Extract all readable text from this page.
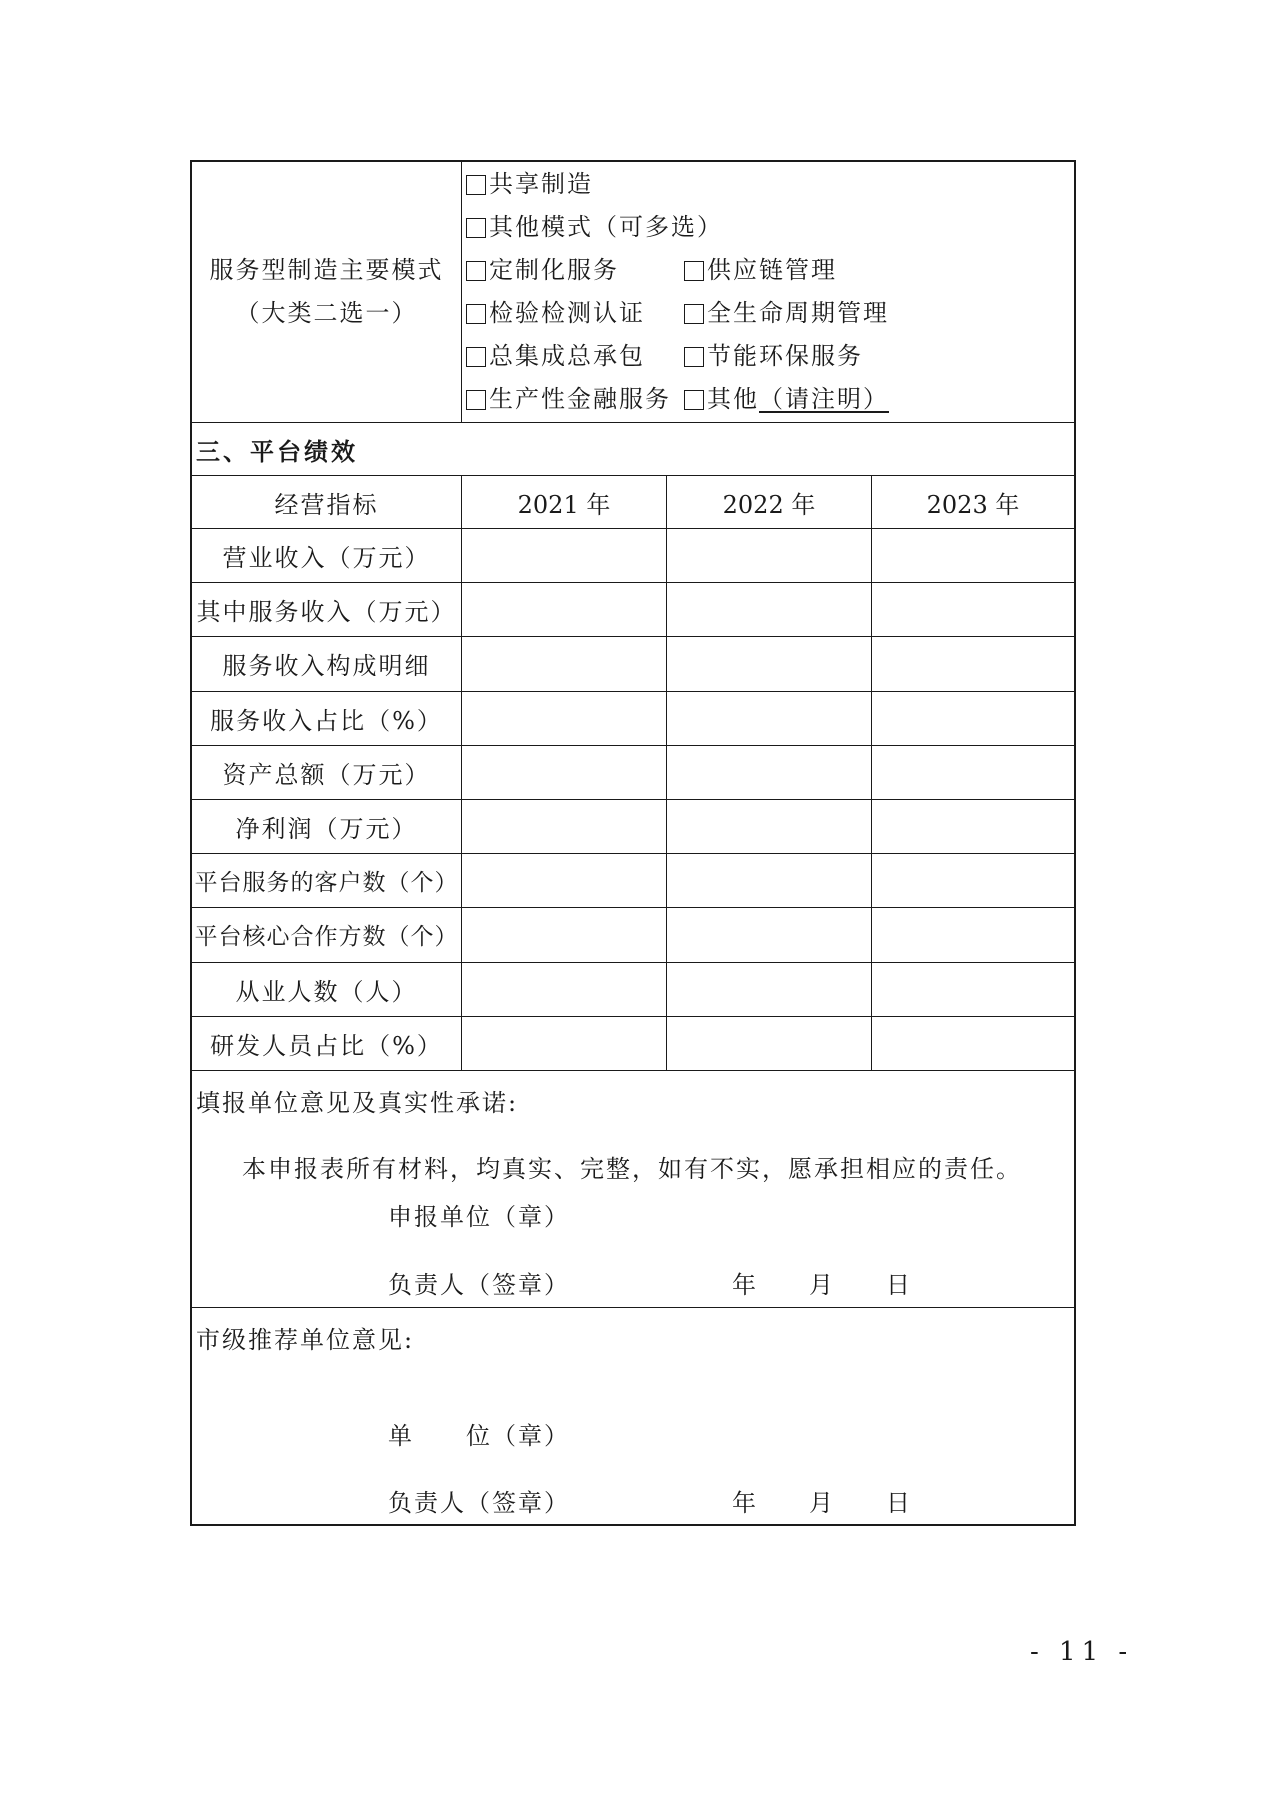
服务型制造主要模式
（大类二选一）
共享制造
其他模式（可多选）
定制化服务	供应链管理
检验检测认证	全生命周期管理
总集成总承包	节能环保服务
生产性金融服务 其他 （请注明）
三、平台绩效
经营指标	2021 年	2022 年	2023 年
营业收入（万元）
其中服务收入（万元）
服务收入构成明细
服务收入占比（%）
资产总额（万元）
净利润（万元）
平台服务的客户数（个）
平台核心合作方数（个）
从业人数（人）
研发人员占比（%）
填报单位意见及真实性承诺:
本申报表所有材料，均真实、完整，如有不实，愿承担相应的责任。
申报单位（章）
负责人（签章）	年 月 日
市级推荐单位意见:
单　　位（章）
负责人（签章）	年 月 日
- 11 -
